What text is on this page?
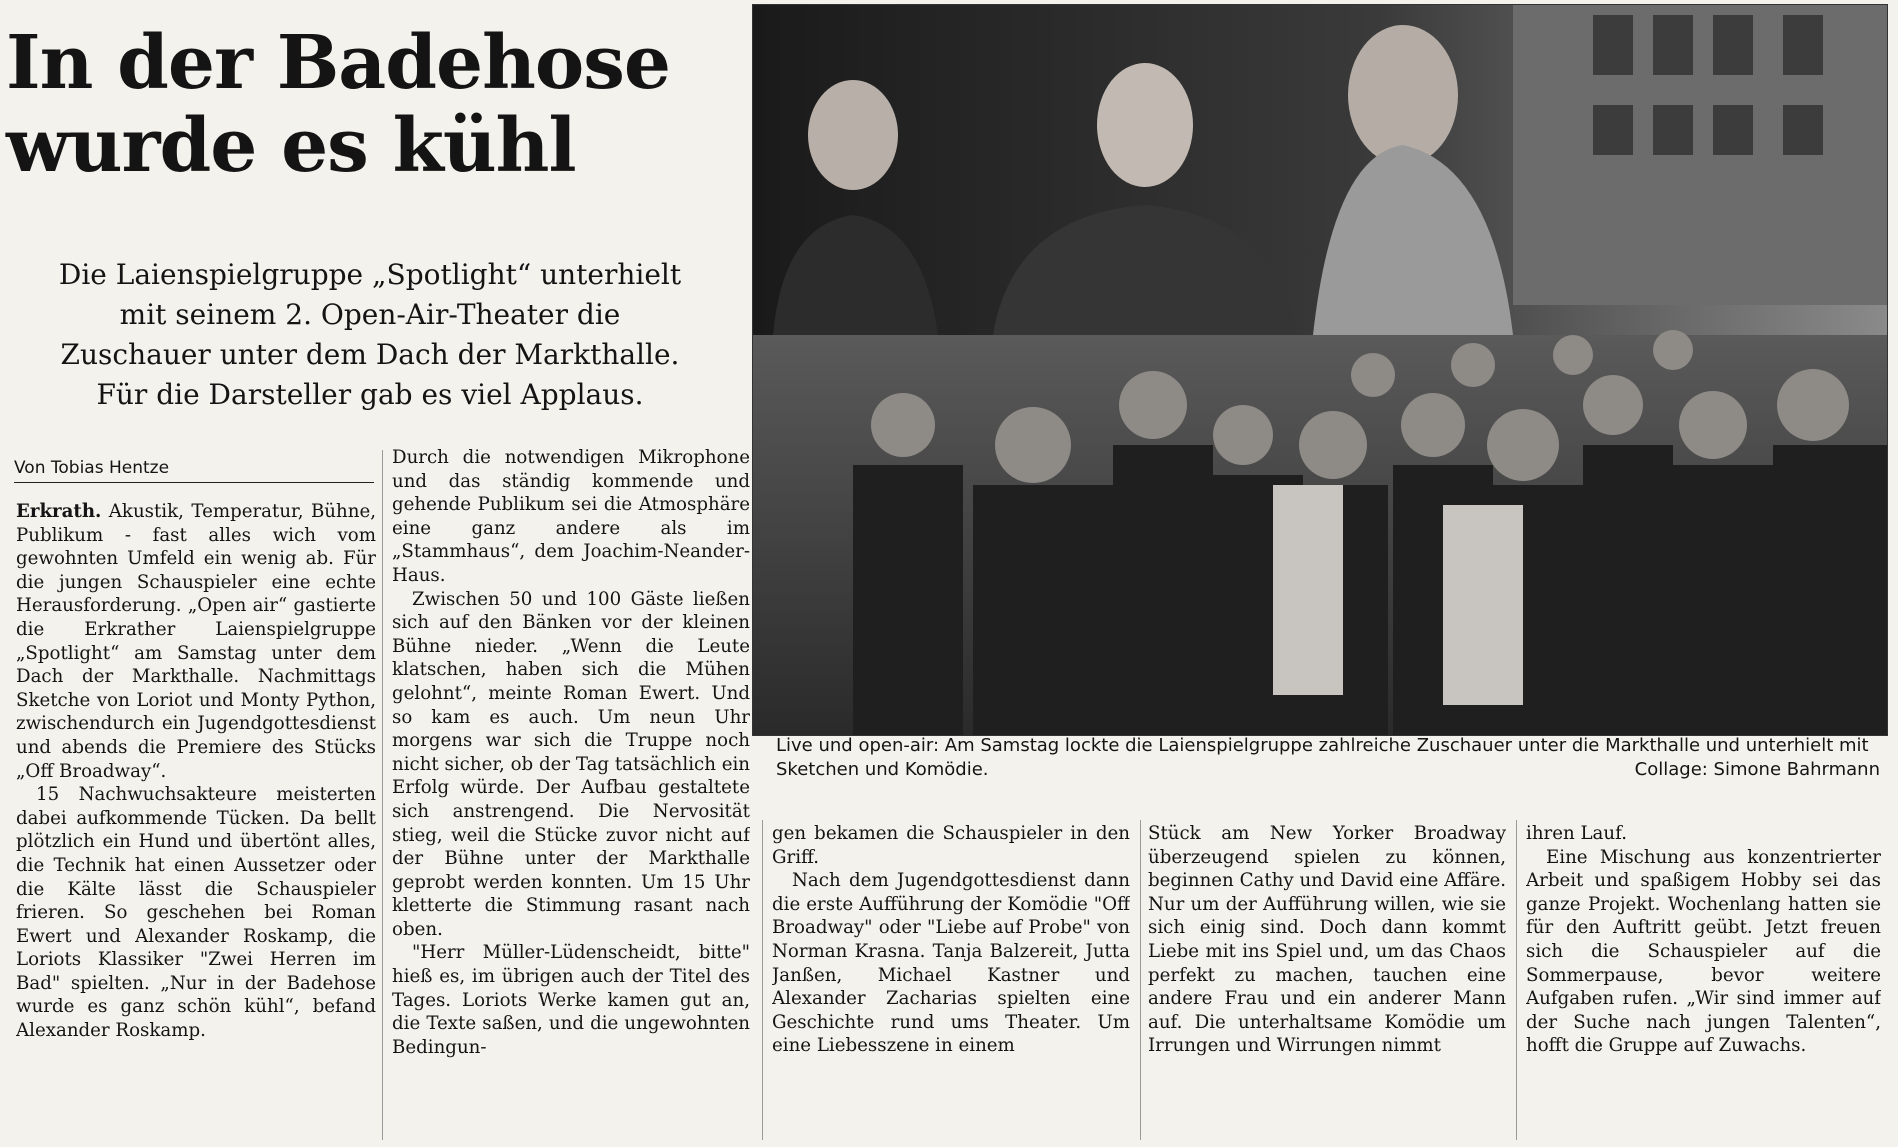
In der Badehose
wurde es kühl
Die Laienspielgruppe „Spotlight“ unterhielt
mit seinem 2. Open-Air-Theater die
Zuschauer unter dem Dach der Markthalle.
Für die Darsteller gab es viel Applaus.
Von Tobias Hentze

Erkrath. Akustik, Temperatur, Bühne, Publikum - fast alles wich vom gewohnten Umfeld ein wenig ab. Für die jungen Schauspieler eine echte Herausforderung. „Open air“ gastierte die Erkrather Laienspielgruppe „Spotlight“ am Samstag unter dem Dach der Markthalle. Nachmittags Sketche von Loriot und Monty Python, zwischendurch ein Jugendgottesdienst und abends die Premiere des Stücks „Off Broadway“.

15 Nachwuchsakteure meisterten dabei aufkommende Tücken. Da bellt plötzlich ein Hund und übertönt alles, die Technik hat einen Aussetzer oder die Kälte lässt die Schauspieler frieren. So geschehen bei Roman Ewert und Alexander Roskamp, die Loriots Klassiker "Zwei Herren im Bad" spielten. „Nur in der Badehose wurde es ganz schön kühl“, befand Alexander Roskamp.

Durch die notwendigen Mikrophone und das ständig kommende und gehende Publikum sei die Atmosphäre eine ganz andere als im „Stammhaus“, dem Joachim-Neander-Haus.

Zwischen 50 und 100 Gäste ließen sich auf den Bänken vor der kleinen Bühne nieder. „Wenn die Leute klatschen, haben sich die Mühen gelohnt“, meinte Roman Ewert. Und so kam es auch. Um neun Uhr morgens war sich die Truppe noch nicht sicher, ob der Tag tatsächlich ein Erfolg würde. Der Aufbau gestaltete sich anstrengend. Die Nervosität stieg, weil die Stücke zuvor nicht auf der Bühne unter der Markthalle geprobt werden konnten. Um 15 Uhr kletterte die Stimmung rasant nach oben.

"Herr Müller-Lüdenscheidt, bitte" hieß es, im übrigen auch der Titel des Tages. Loriots Werke kamen gut an, die Texte saßen, und die ungewohnten Bedingun-

Live und open-air: Am Samstag lockte die Laienspielgruppe zahlreiche Zuschauer unter die Markthalle und unterhielt mit Sketchen und Komödie.	Collage: Simone Bahrmann

gen bekamen die Schauspieler in den Griff.

Nach dem Jugendgottesdienst dann die erste Aufführung der Komödie "Off Broadway" oder "Liebe auf Probe" von Norman Krasna. Tanja Balzereit, Jutta Janßen, Michael Kastner und Alexander Zacharias spielten eine Geschichte rund ums Theater. Um eine Liebesszene in einem

Stück am New Yorker Broadway überzeugend spielen zu können, beginnen Cathy und David eine Affäre. Nur um der Aufführung willen, wie sie sich einig sind. Doch dann kommt Liebe mit ins Spiel und, um das Chaos perfekt zu machen, tauchen eine andere Frau und ein anderer Mann auf. Die unterhaltsame Komödie um Irrungen und Wirrungen nimmt

ihren Lauf.

Eine Mischung aus konzentrierter Arbeit und spaßigem Hobby sei das ganze Projekt. Wochenlang hatten sie für den Auftritt geübt. Jetzt freuen sich die Schauspieler auf die Sommerpause, bevor weitere Aufgaben rufen. „Wir sind immer auf der Suche nach jungen Talenten“, hofft die Gruppe auf Zuwachs.
